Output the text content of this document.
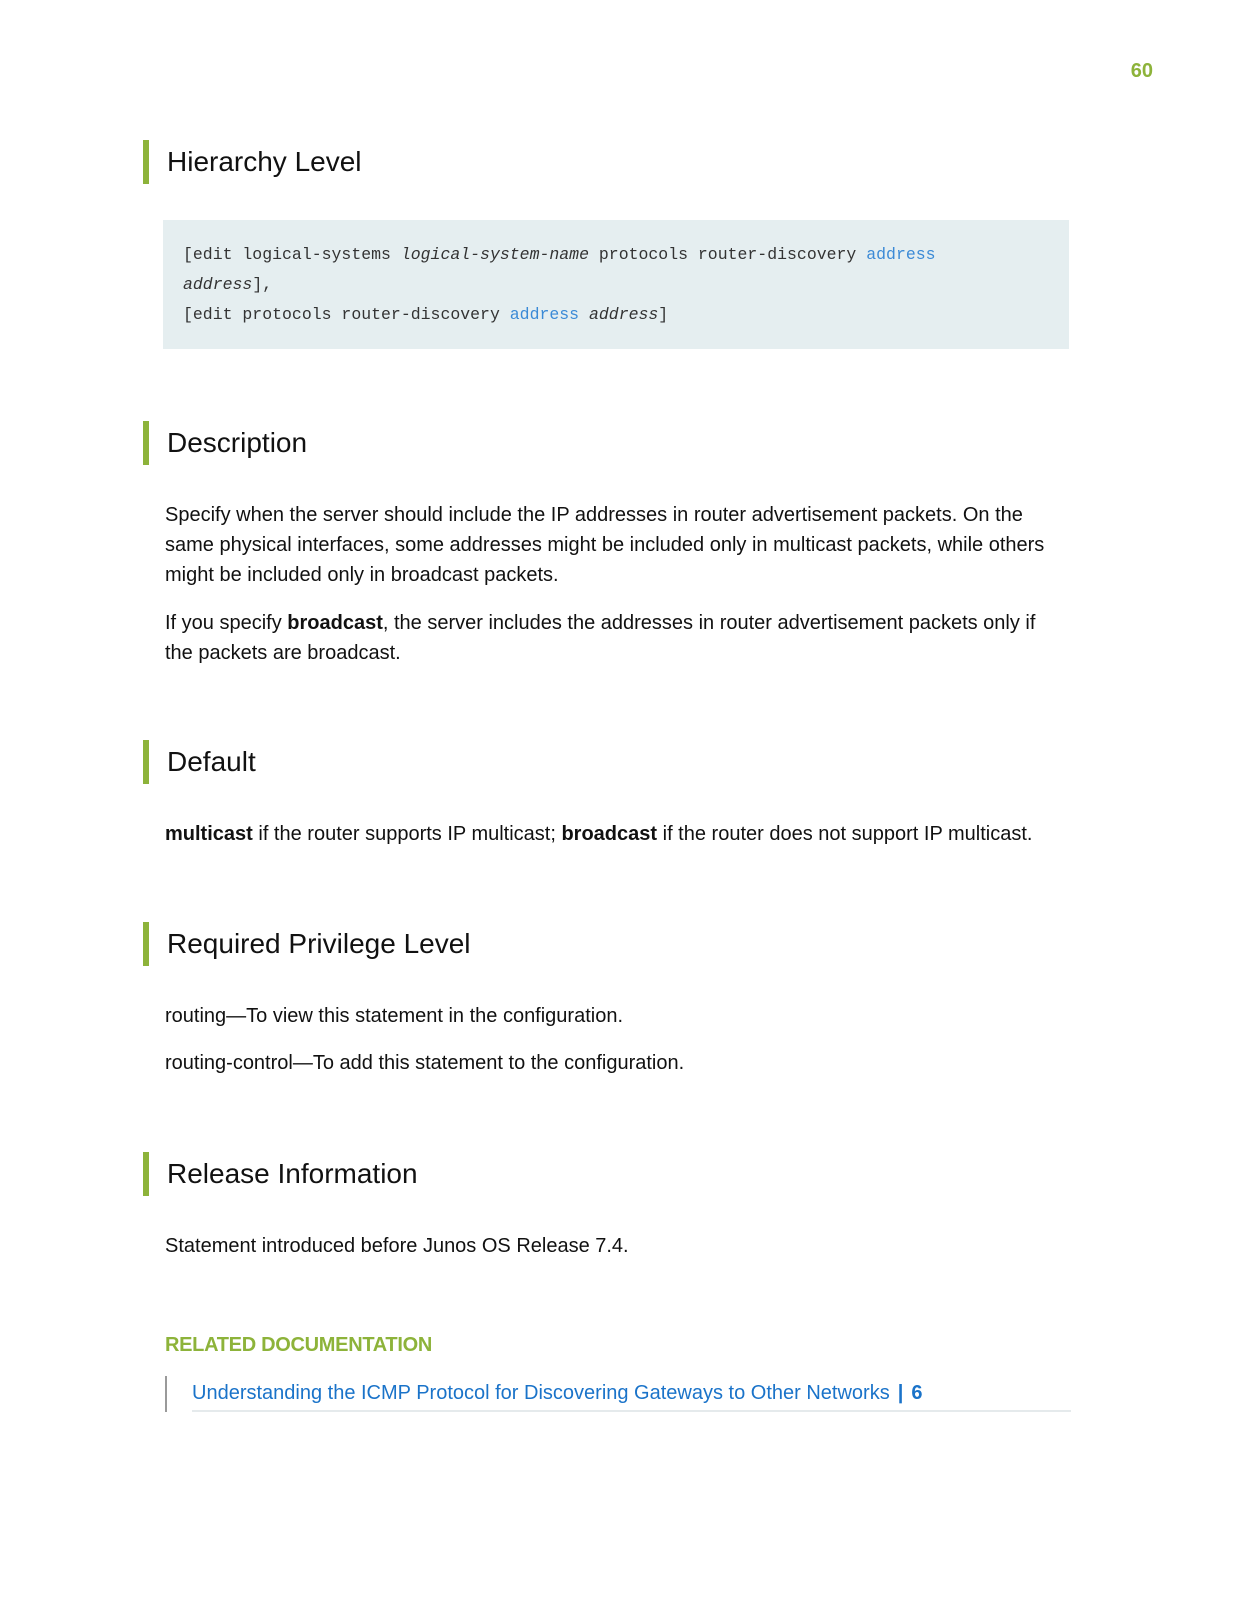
60
Hierarchy Level
[edit logical-systems logical-system-name protocols router-discovery address
address],
[edit protocols router-discovery address address]
Description

Specify when the server should include the IP addresses in router advertisement packets. On the same physical interfaces, some addresses might be included only in multicast packets, while others might be included only in broadcast packets.

If you specify broadcast, the server includes the addresses in router advertisement packets only if the packets are broadcast.

Default

multicast if the router supports IP multicast; broadcast if the router does not support IP multicast.

Required Privilege Level

routing—To view this statement in the configuration.

routing-control—To add this statement to the configuration.

Release Information

Statement introduced before Junos OS Release 7.4.

RELATED DOCUMENTATION
Understanding the ICMP Protocol for Discovering Gateways to Other Networks | 6
